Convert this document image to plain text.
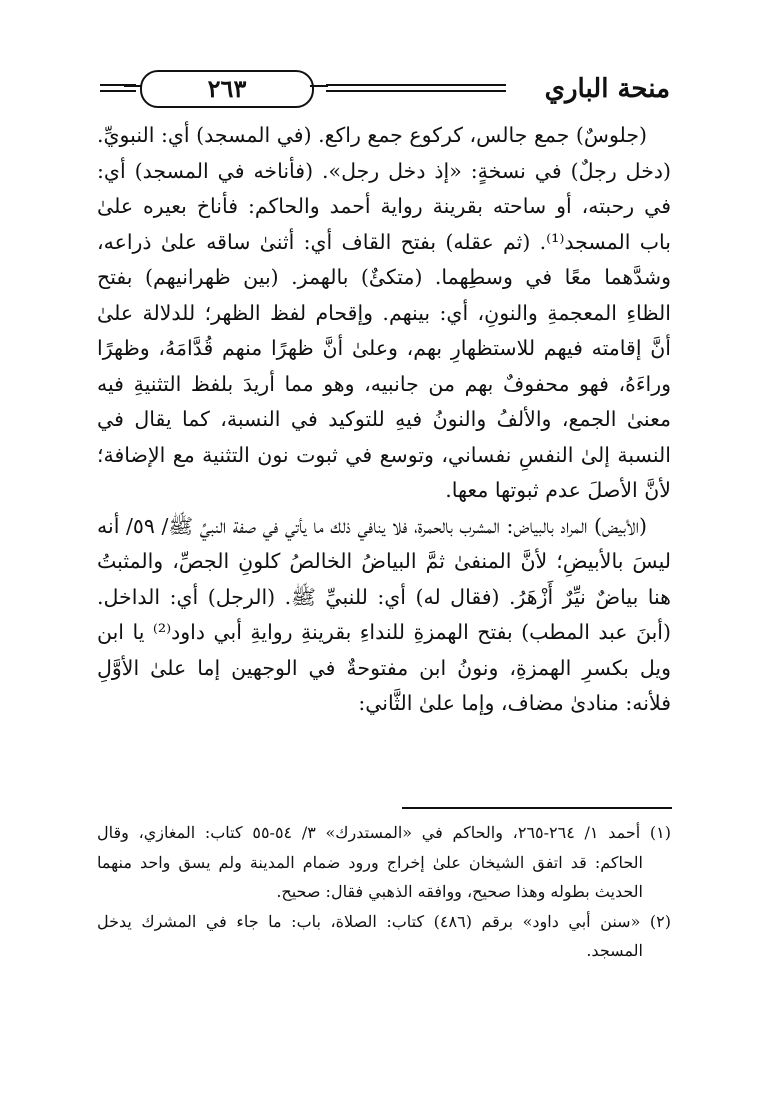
٢٦٣	منحة الباري

(جلوسٌ) جمع جالس، كركوع جمع راكع. (في المسجد) أي: النبويِّ. (دخل رجلٌ) في نسخةٍ: «إذ دخل رجل». (فأناخه في المسجد) أي: في رحبته، أو ساحته بقرينة رواية أحمد والحاكم: فأناخ بعيره علىٰ باب المسجد⁽¹⁾. (ثم عقله) بفتح القاف أي: أثنىٰ ساقه علىٰ ذراعه، وشدَّهما معًا في وسطِهما. (متكئٌ) بالهمز. (بين ظهرانيهم) بفتح الظاءِ المعجمةِ والنونِ، أي: بينهم. وإقحام لفظ الظهر؛ للدلالة علىٰ أنَّ إقامته فيهم للاستظهارِ بهم، وعلىٰ أنَّ ظهرًا منهم قُدَّامَهُ، وظهرًا وراءَهُ، فهو محفوفٌ بهم من جانبيه، وهو مما أريدَ بلفظ التثنيةِ فيه معنىٰ الجمع، والألفُ والنونُ فيهِ للتوكيد في النسبة، كما يقال في النسبة إلىٰ النفسِ نفساني، وتوسع في ثبوت نون التثنية مع الإضافة؛ لأنَّ الأصلَ عدم ثبوتها معها.

(الأبيض) المراد بالبياض: المشرب بالحمرة، فلا ينافي ذلك ما يأتي في صفة النبيِّ ﷺ/ ٥٩/ أنه ليسَ بالأبيضِ؛ لأنَّ المنفىٰ ثمَّ البياضُ الخالصُ كلونِ الجصِّ، والمثبتُ هنا بياضٌ نيِّرٌ أَزْهَرُ. (فقال له) أي: للنبيِّ ﷺ. (الرجل) أي: الداخل. (أبنَ عبد المطب) بفتح الهمزةِ للنداءِ بقرينةِ روايةِ أبي داود⁽²⁾ يا ابن ويل بكسرِ الهمزةِ، ونونُ ابن مفتوحةٌ في الوجهين إما علىٰ الأوَّلِ فلأنه: منادىٰ مضاف، وإما علىٰ الثَّاني:

(١) أحمد ١/ ٢٦٤-٢٦٥، والحاكم في «المستدرك» ٣/ ٥٤-٥٥ كتاب: المغازي، وقال الحاكم: قد اتفق الشيخان علىٰ إخراج ورود ضمام المدينة ولم يسق واحد منهما الحديث بطوله وهذا صحيح، ووافقه الذهبي فقال: صحيح.

(٢) «سنن أبي داود» برقم (٤٨٦) كتاب: الصلاة، باب: ما جاء في المشرك يدخل المسجد.
